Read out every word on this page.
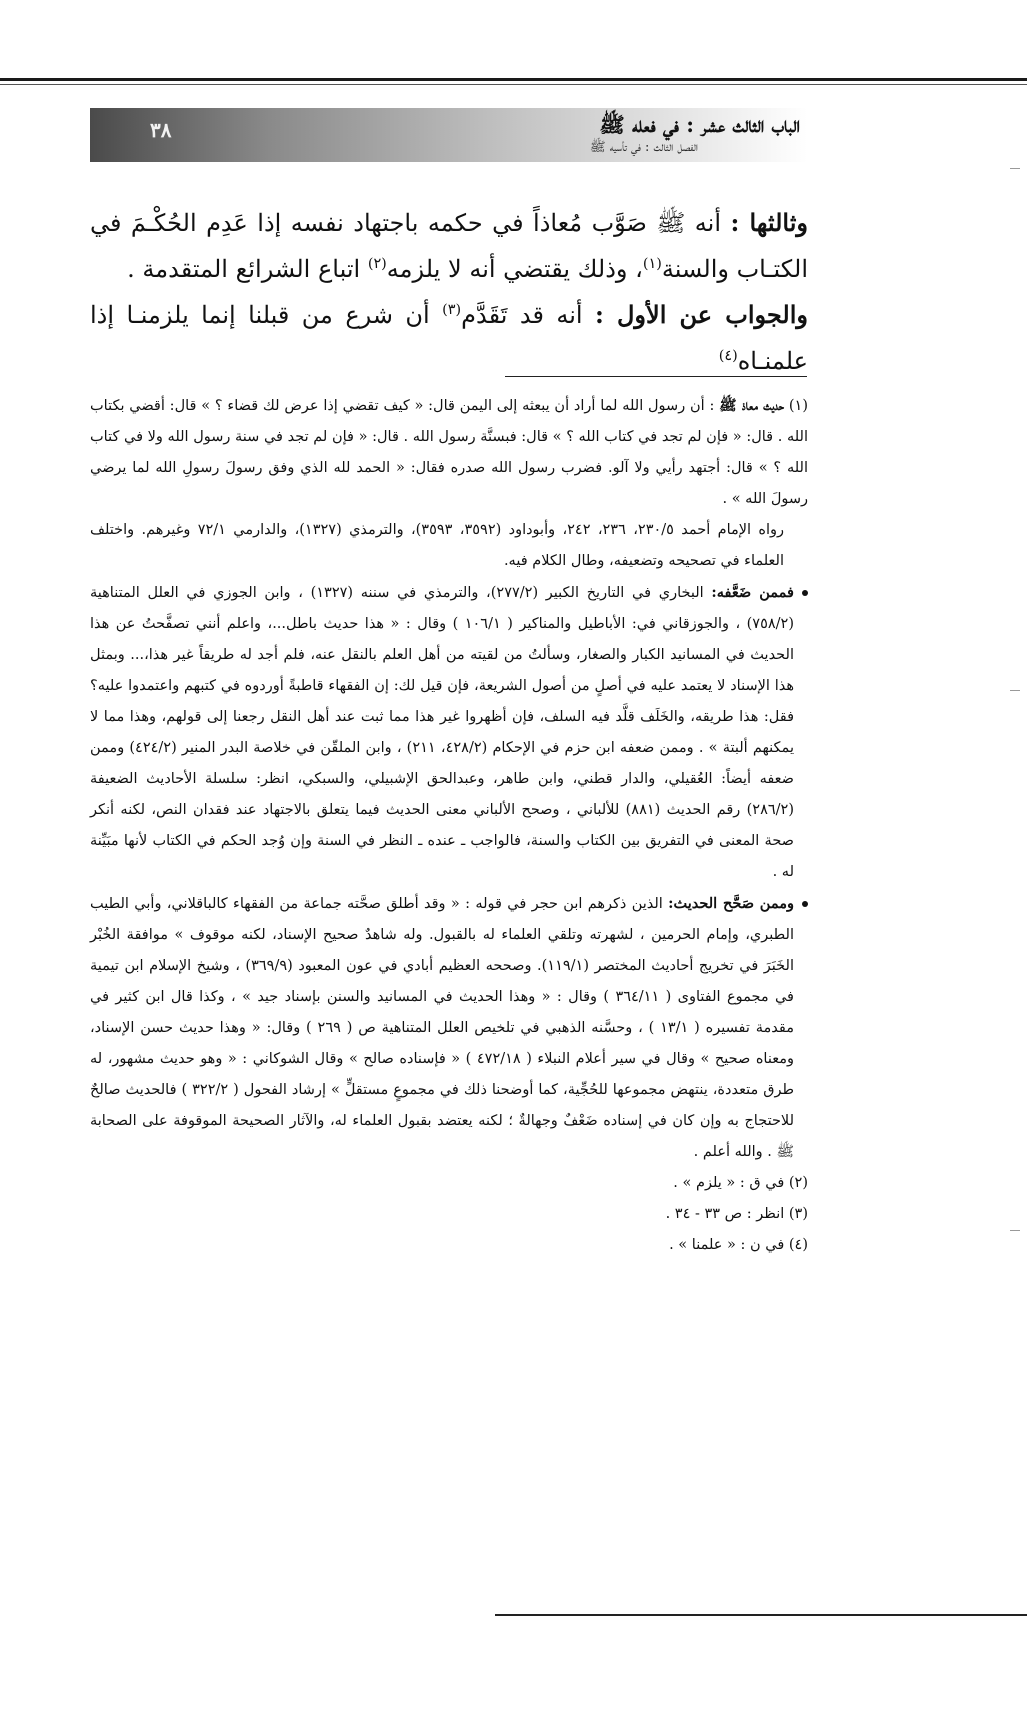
الباب الثالث عشر : في فعله ﷺ
الفصل الثالث : في تأسيه ﷺ
٣٨

وثالثها : أنه ﷺ صَوَّب مُعاذاً في حكمه باجتهاد نفسه إذا عَدِم الحُكْـمَ في الكتـاب والسنة$^{(١)}$، وذلك يقتضي أنه لا يلزمه$^{(٢)}$ اتباع الشرائع المتقدمة .

والجواب عن الأول : أنه قد تَقَدَّم$^{(٣)}$ أن شرع من قبلنا إنما يلزمنـا إذا علمنـاه$^{(٤)}$

(١) حديث معاذ ﷺ : أن رسول الله لما أراد أن يبعثه إلى اليمن قال: « كيف تقضي إذا عرض لك قضاء ؟ » قال: أقضي بكتاب الله . قال: « فإن لم تجد في كتاب الله ؟ » قال: فبسنَّة رسول الله . قال: « فإن لم تجد في سنة رسول الله ولا في كتاب الله ؟ » قال: أجتهد رأيي ولا آلو. فضرب رسول الله صدره فقال: « الحمد لله الذي وفق رسولَ رسولِ الله لما يرضي رسولَ الله » .

رواه الإمام أحمد ٢٣٠/٥، ٢٣٦، ٢٤٢، وأبوداود (٣٥٩٢، ٣٥٩٣)، والترمذي (١٣٢٧)، والدارمي ٧٢/١ وغيرهم. واختلف العلماء في تصحيحه وتضعيفه، وطال الكلام فيه.

فممن ضَعَّفه: البخاري في التاريخ الكبير (٢٧٧/٢)، والترمذي في سننه (١٣٢٧) ، وابن الجوزي في العلل المتناهية (٧٥٨/٢) ، والجوزقاني في: الأباطيل والمناكير ( ١٠٦/١ ) وقال : « هذا حديث باطل...، واعلم أنني تصفَّحتُ عن هذا الحديث في المسانيد الكبار والصغار، وسألتُ من لقيته من أهل العلم بالنقل عنه، فلم أجد له طريقاً غير هذا،... وبمثل هذا الإسناد لا يعتمد عليه في أصلٍ من أصول الشريعة، فإن قيل لك: إن الفقهاء قاطبةً أوردوه في كتبهم واعتمدوا عليه؟ فقل: هذا طريقه، والخَلَف قلَّد فيه السلف، فإن أظهروا غير هذا مما ثبت عند أهل النقل رجعنا إلى قولهم، وهذا مما لا يمكنهم ألبتة » . وممن ضعفه ابن حزم في الإحكام (٤٢٨/٢، ٢١١) ، وابن الملقّن في خلاصة البدر المنير (٤٢٤/٢) وممن ضعفه أيضاً: العُقيلي، والدار قطني، وابن طاهر، وعبدالحق الإشبيلي، والسبكي، انظر: سلسلة الأحاديث الضعيفة (٢٨٦/٢) رقم الحديث (٨٨١) للألباني ، وصحح الألباني معنى الحديث فيما يتعلق بالاجتهاد عند فقدان النص، لكنه أنكر صحة المعنى في التفريق بين الكتاب والسنة، فالواجب ـ عنده ـ النظر في السنة وإن وُجد الحكم في الكتاب لأنها مبَيِّنة له .

وممن صَحَّح الحديث: الذين ذكرهم ابن حجر في قوله : « وقد أطلق صحَّته جماعة من الفقهاء كالباقلاني، وأبي الطيب الطبري، وإمام الحرمين ، لشهرته وتلقي العلماء له بالقبول. وله شاهدٌ صحيح الإسناد، لكنه موقوف » موافقة الخُبْر الخَبَرَ في تخريج أحاديث المختصر (١١٩/١). وصححه العظيم أبادي في عون المعبود (٣٦٩/٩) ، وشيخ الإسلام ابن تيمية في مجموع الفتاوى ( ٣٦٤/١١ ) وقال : « وهذا الحديث في المسانيد والسنن بإسناد جيد » ، وكذا قال ابن كثير في مقدمة تفسيره ( ١٣/١ ) ، وحسَّنه الذهبي في تلخيص العلل المتناهية ص ( ٢٦٩ ) وقال: « وهذا حديث حسن الإسناد، ومعناه صحيح » وقال في سير أعلام النبلاء ( ٤٧٢/١٨ ) « فإسناده صالح » وقال الشوكاني : « وهو حديث مشهور، له طرق متعددة، ينتهض مجموعها للحُجِّية، كما أوضحنا ذلك في مجموعٍ مستقلٍّ » إرشاد الفحول ( ٣٢٢/٢ ) فالحديث صالحٌ للاحتجاج به وإن كان في إسناده ضَعْفٌ وجهالةٌ ؛ لكنه يعتضد بقبول العلماء له، والآثار الصحيحة الموقوفة على الصحابة ﷺ . والله أعلم .

(٢) في ق : « يلزم » .

(٣) انظر : ص ٣٣ - ٣٤ .

(٤) في ن : « علمنا » .
